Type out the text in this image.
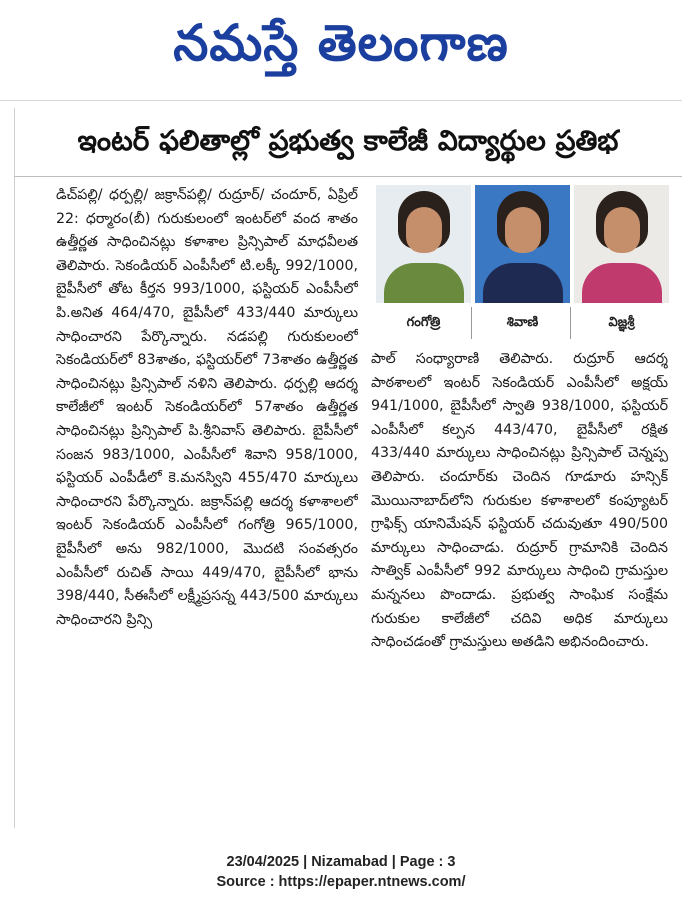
నమస్తే తెలంగాణ
ఇంటర్ ఫలితాల్లో ప్రభుత్వ కాలేజీ విద్యార్థుల ప్రతిభ
డిచ్‌పల్లి/ ధర్పల్లి/ జక్రాన్‌పల్లి/ రుద్రూర్/ చందూర్, ఏప్రిల్ 22: ధర్మారం(బీ) గురుకులంలో ఇంటర్‌లో వంద శాతం ఉత్తీర్ణత సాధించినట్లు కళాశాల ప్రిన్సిపాల్ మాధవీలత తెలిపారు. సెకండియర్ ఎంపీసీలో టి.లక్కీ 992/1000, బైపీసీలో తోట కీర్తన 993/1000, ఫస్టియర్ ఎంపీసీలో పి.అనిత 464/470, బైపీసీలో 433/440 మార్కులు సాధించారని పేర్కొన్నారు. నడపల్లి గురుకులంలో సెకండియర్‌లో 83శాతం, ఫస్టియర్‌లో 73శాతం ఉత్తీర్ణత సాధించినట్లు ప్రిన్సిపాల్ నళిని తెలిపారు. ధర్పల్లి ఆదర్శ కాలేజీలో ఇంటర్ సెకండియర్‌లో 57శాతం ఉత్తీర్ణత సాధించినట్లు ప్రిన్సిపాల్ పి.శ్రీనివాస్ తెలిపారు. బైపీసీలో సంజన 983/1000, ఎంపీసీలో శివాని 958/1000, ఫస్టియర్ ఎంపీడీలో కె.మనస్విని 455/470 మార్కులు సాధించారని పేర్కొన్నారు. జక్రాన్‌పల్లి ఆదర్శ కళాశాలలో ఇంటర్ సెకండియర్ ఎంపీసీలో గంగోత్రి 965/1000, బైపీసీలో అను 982/1000, మొదటి సంవత్సరం ఎంపీసీలో రుచిత్ సాయి 449/470, బైపీసీలో భాను 398/440, సీఈసీలో లక్ష్మీప్రసన్న 443/500 మార్కులు సాధించారని ప్రిన్సి
గంగోత్రి	శివాణి	విజ్ఞశ్రీ
పాల్ సంధ్యారాణి తెలిపారు. రుద్రూర్ ఆదర్శ పాఠశాలలో ఇంటర్ సెకండియర్ ఎంపీసీలో అక్షయ్ 941/1000, బైపీసీలో స్వాతి 938/1000, ఫస్టియర్ ఎంపీసీలో కల్పన 443/470, బైపీసీలో రక్షిత 433/440 మార్కులు సాధించినట్లు ప్రిన్సిపాల్ చెన్నప్ప తెలిపారు. చందూర్‌కు చెందిన గూడూరు హన్సిక్ మొయినాబాద్‌లోని గురుకుల కళాశాలలో కంప్యూటర్ గ్రాఫిక్స్ యానిమేషన్ ఫస్టియర్ చదువుతూ 490/500 మార్కులు సాధించాడు. రుద్రూర్ గ్రామానికి చెందిన సాత్విక్ ఎంపీసీలో 992 మార్కులు సాధించి గ్రామస్తుల మన్ననలు పొందాడు. ప్రభుత్వ సాంఘిక సంక్షేమ గురుకుల కాలేజీలో చదివి అధిక మార్కులు సాధించడంతో గ్రామస్తులు అతడిని అభినందించారు.
23/04/2025 | Nizamabad | Page : 3
Source : https://epaper.ntnews.com/
